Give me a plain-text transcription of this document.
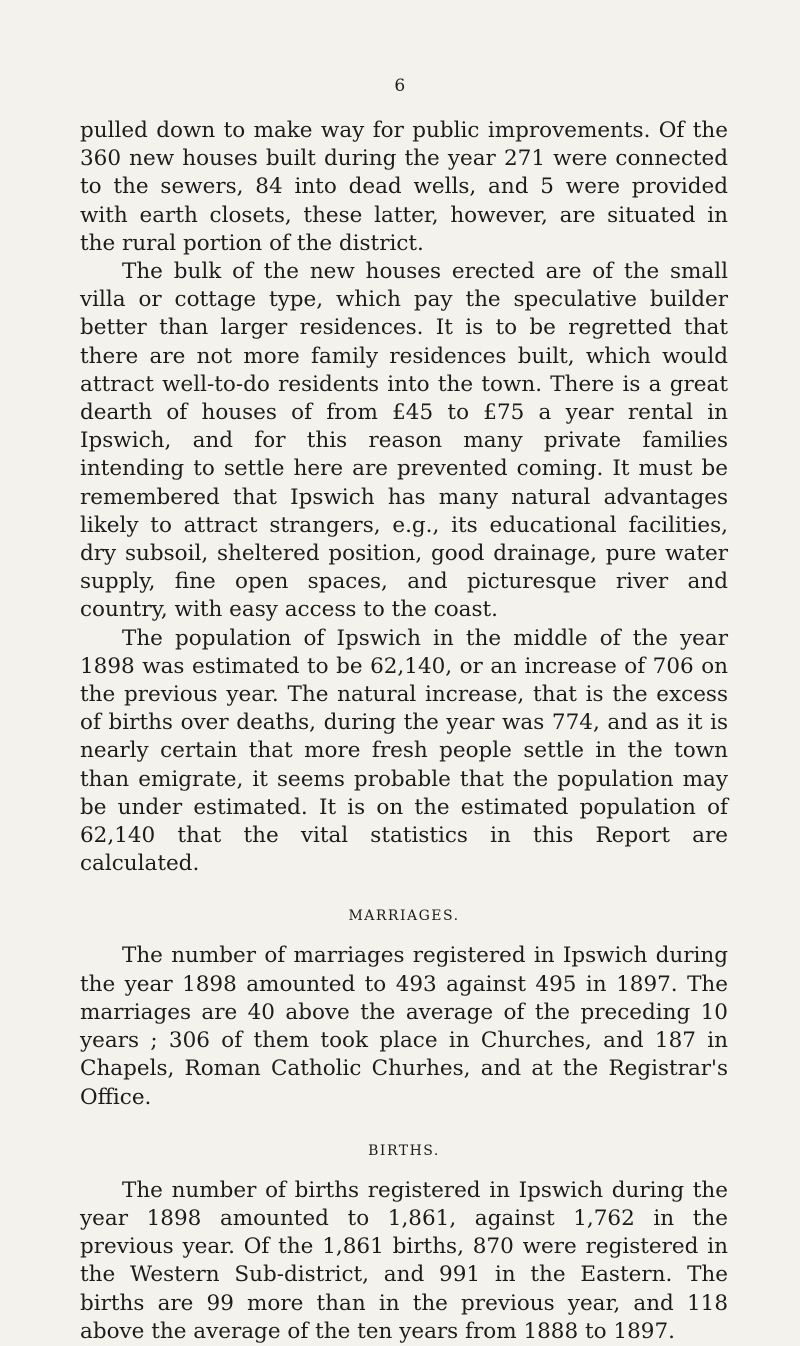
6

pulled down to make way for public improvements. Of the 360 new houses built during the year 271 were connected to the sewers, 84 into dead wells, and 5 were provided with earth closets, these latter, however, are situated in the rural portion of the district.

The bulk of the new houses erected are of the small villa or cottage type, which pay the speculative builder better than larger residences. It is to be regretted that there are not more family residences built, which would attract well-to-do residents into the town. There is a great dearth of houses of from £45 to £75 a year rental in Ipswich, and for this reason many private families intending to settle here are prevented coming. It must be remembered that Ipswich has many natural advantages likely to attract strangers, e.g., its educational facilities, dry subsoil, sheltered position, good drainage, pure water supply, fine open spaces, and picturesque river and country, with easy access to the coast.

The population of Ipswich in the middle of the year 1898 was estimated to be 62,140, or an increase of 706 on the previous year. The natural increase, that is the excess of births over deaths, during the year was 774, and as it is nearly certain that more fresh people settle in the town than emigrate, it seems probable that the population may be under estimated. It is on the estimated population of 62,140 that the vital statistics in this Report are calculated.

MARRIAGES.

The number of marriages registered in Ipswich during the year 1898 amounted to 493 against 495 in 1897. The marriages are 40 above the average of the preceding 10 years ; 306 of them took place in Churches, and 187 in Chapels, Roman Catholic Churhes, and at the Registrar's Office.

BIRTHS.

The number of births registered in Ipswich during the year 1898 amounted to 1,861, against 1,762 in the previous year. Of the 1,861 births, 870 were registered in the Western Sub-district, and 991 in the Eastern. The births are 99 more than in the previous year, and 118 above the average of the ten years from 1888 to 1897.
